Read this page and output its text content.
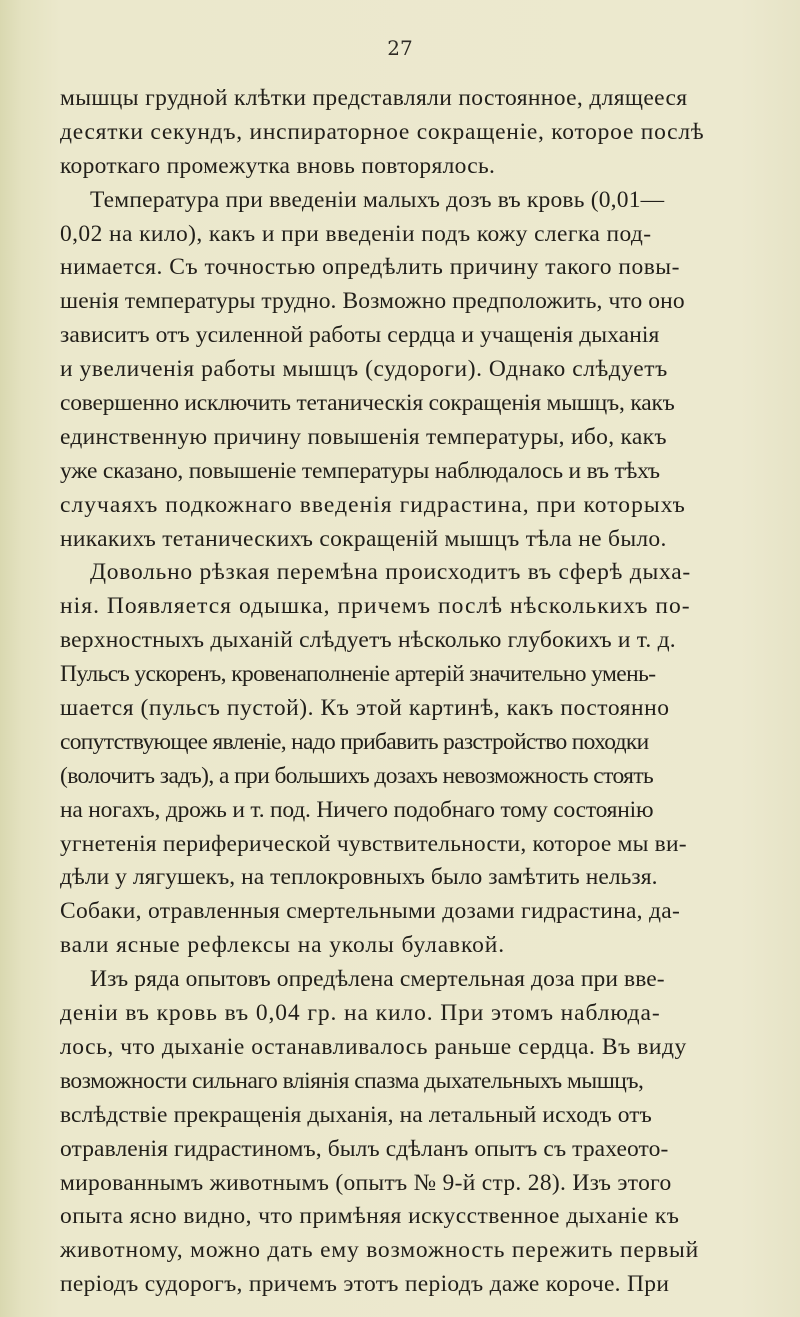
27

мышцы грудной клѣтки представляли постоянное, длящееся

десятки секундъ, инспираторное сокращеніе, которое послѣ

короткаго промежутка вновь повторялось.

Температура при введеніи малыхъ дозъ въ кровь (0,01—

0,02 на кило), какъ и при введеніи подъ кожу слегка под-

нимается. Съ точностью опредѣлить причину такого повы-

шенія температуры трудно. Возможно предположить, что оно

зависитъ отъ усиленной работы сердца и учащенія дыханія

и увеличенія работы мышцъ (судороги). Однако слѣдуетъ

совершенно исключить тетаническія сокращенія мышцъ, какъ

единственную причину повышенія температуры, ибо, какъ

уже сказано, повышеніе температуры наблюдалось и въ тѣхъ

случаяхъ подкожнаго введенія гидрастина, при которыхъ

никакихъ тетаническихъ сокращеній мышцъ тѣла не было.

Довольно рѣзкая перемѣна происходитъ въ сферѣ дыха-

нія. Появляется одышка, причемъ послѣ нѣсколькихъ по-

верхностныхъ дыханій слѣдуетъ нѣсколько глубокихъ и т. д.

Пульсъ ускоренъ, кровенаполненіе артерій значительно умень-

шается (пульсъ пустой). Къ этой картинѣ, какъ постоянно

сопутствующее явленіе, надо прибавить разстройство походки

(волочитъ задъ), а при большихъ дозахъ невозможность стоять

на ногахъ, дрожь и т. под. Ничего подобнаго тому состоянію

угнетенія периферической чувствительности, которое мы ви-

дѣли у лягушекъ, на теплокровныхъ было замѣтить нельзя.

Собаки, отравленныя смертельными дозами гидрастина, да-

вали ясные рефлексы на уколы булавкой.

Изъ ряда опытовъ опредѣлена смертельная доза при вве-

деніи въ кровь въ 0,04 гр. на кило. При этомъ наблюда-

лось, что дыханіе останавливалось раньше сердца. Въ виду

возможности сильнаго вліянія спазма дыхательныхъ мышцъ,

вслѣдствіе прекращенія дыханія, на летальный исходъ отъ

отравленія гидрастиномъ, былъ сдѣланъ опытъ съ трахеото-

мированнымъ животнымъ (опытъ № 9-й стр. 28). Изъ этого

опыта ясно видно, что примѣняя искусственное дыханіе къ

животному, можно дать ему возможность пережить первый

періодъ судорогъ, причемъ этотъ періодъ даже короче. При
